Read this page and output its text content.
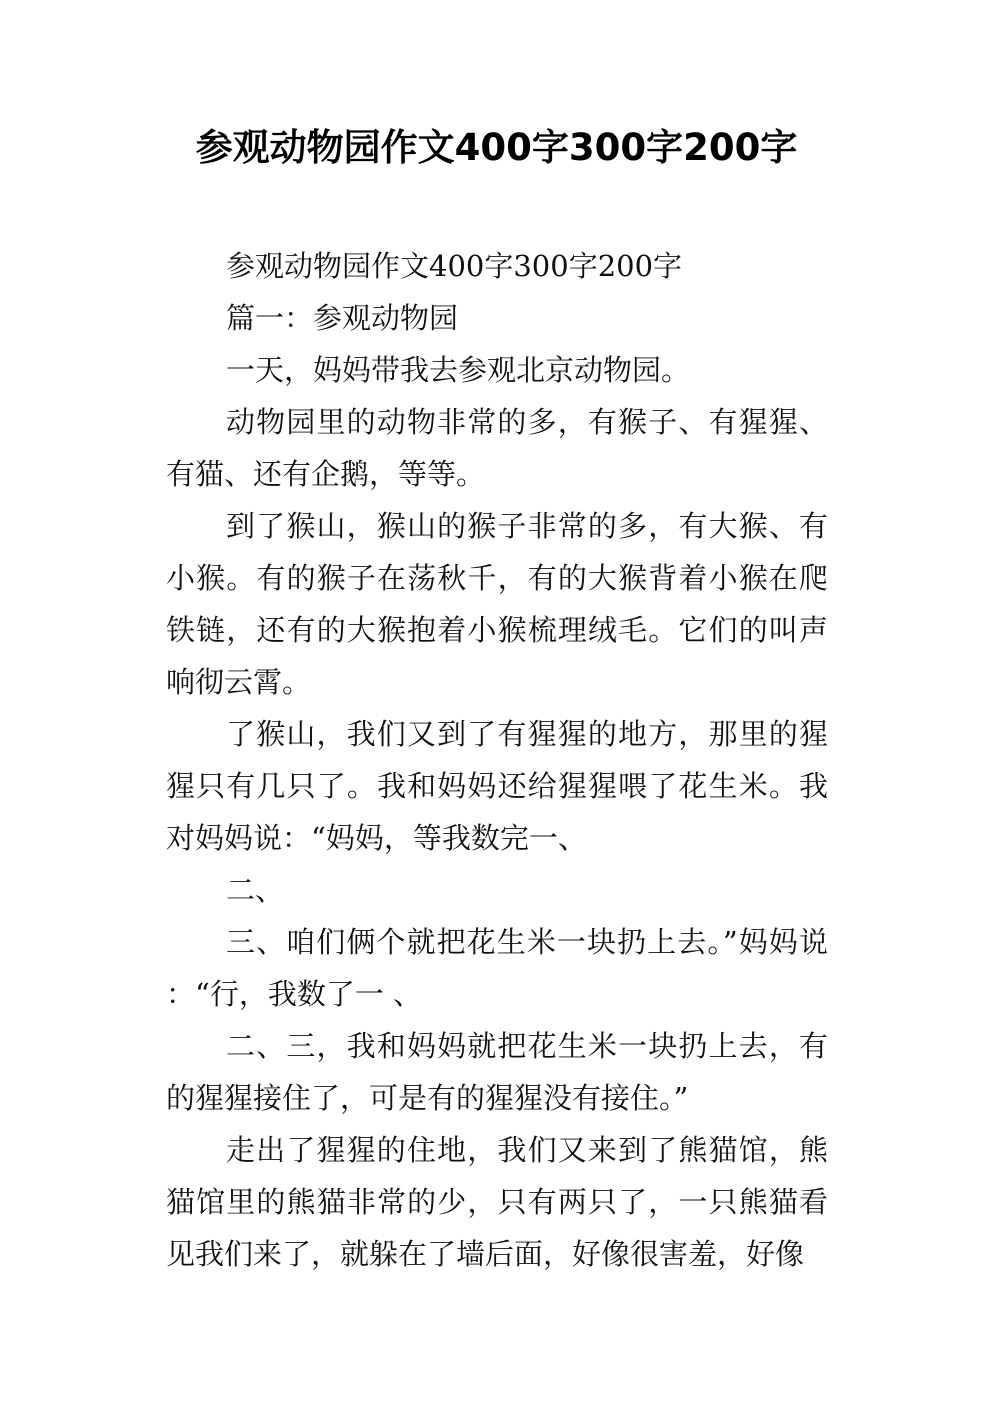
参观动物园作文400字300字200字

参观动物园作文400字300字200字

篇一：参观动物园

一天，妈妈带我去参观北京动物园。

动物园里的动物非常的多，有猴子、有猩猩、有猫、还有企鹅，等等。

到了猴山，猴山的猴子非常的多，有大猴、有小猴。有的猴子在荡秋千，有的大猴背着小猴在爬铁链，还有的大猴抱着小猴梳理绒毛。它们的叫声响彻云霄。

了猴山，我们又到了有猩猩的地方，那里的猩猩只有几只了。我和妈妈还给猩猩喂了花生米。我对妈妈说：“妈妈，等我数完一、

二、

三、咱们俩个就把花生米一块扔上去。”妈妈说：“行，我数了一 、

二、三，我和妈妈就把花生米一块扔上去，有的猩猩接住了，可是有的猩猩没有接住。”

走出了猩猩的住地，我们又来到了熊猫馆，熊猫馆里的熊猫非常的少，只有两只了，一只熊猫看见我们来了，就躲在了墙后面，好像很害羞，好像
